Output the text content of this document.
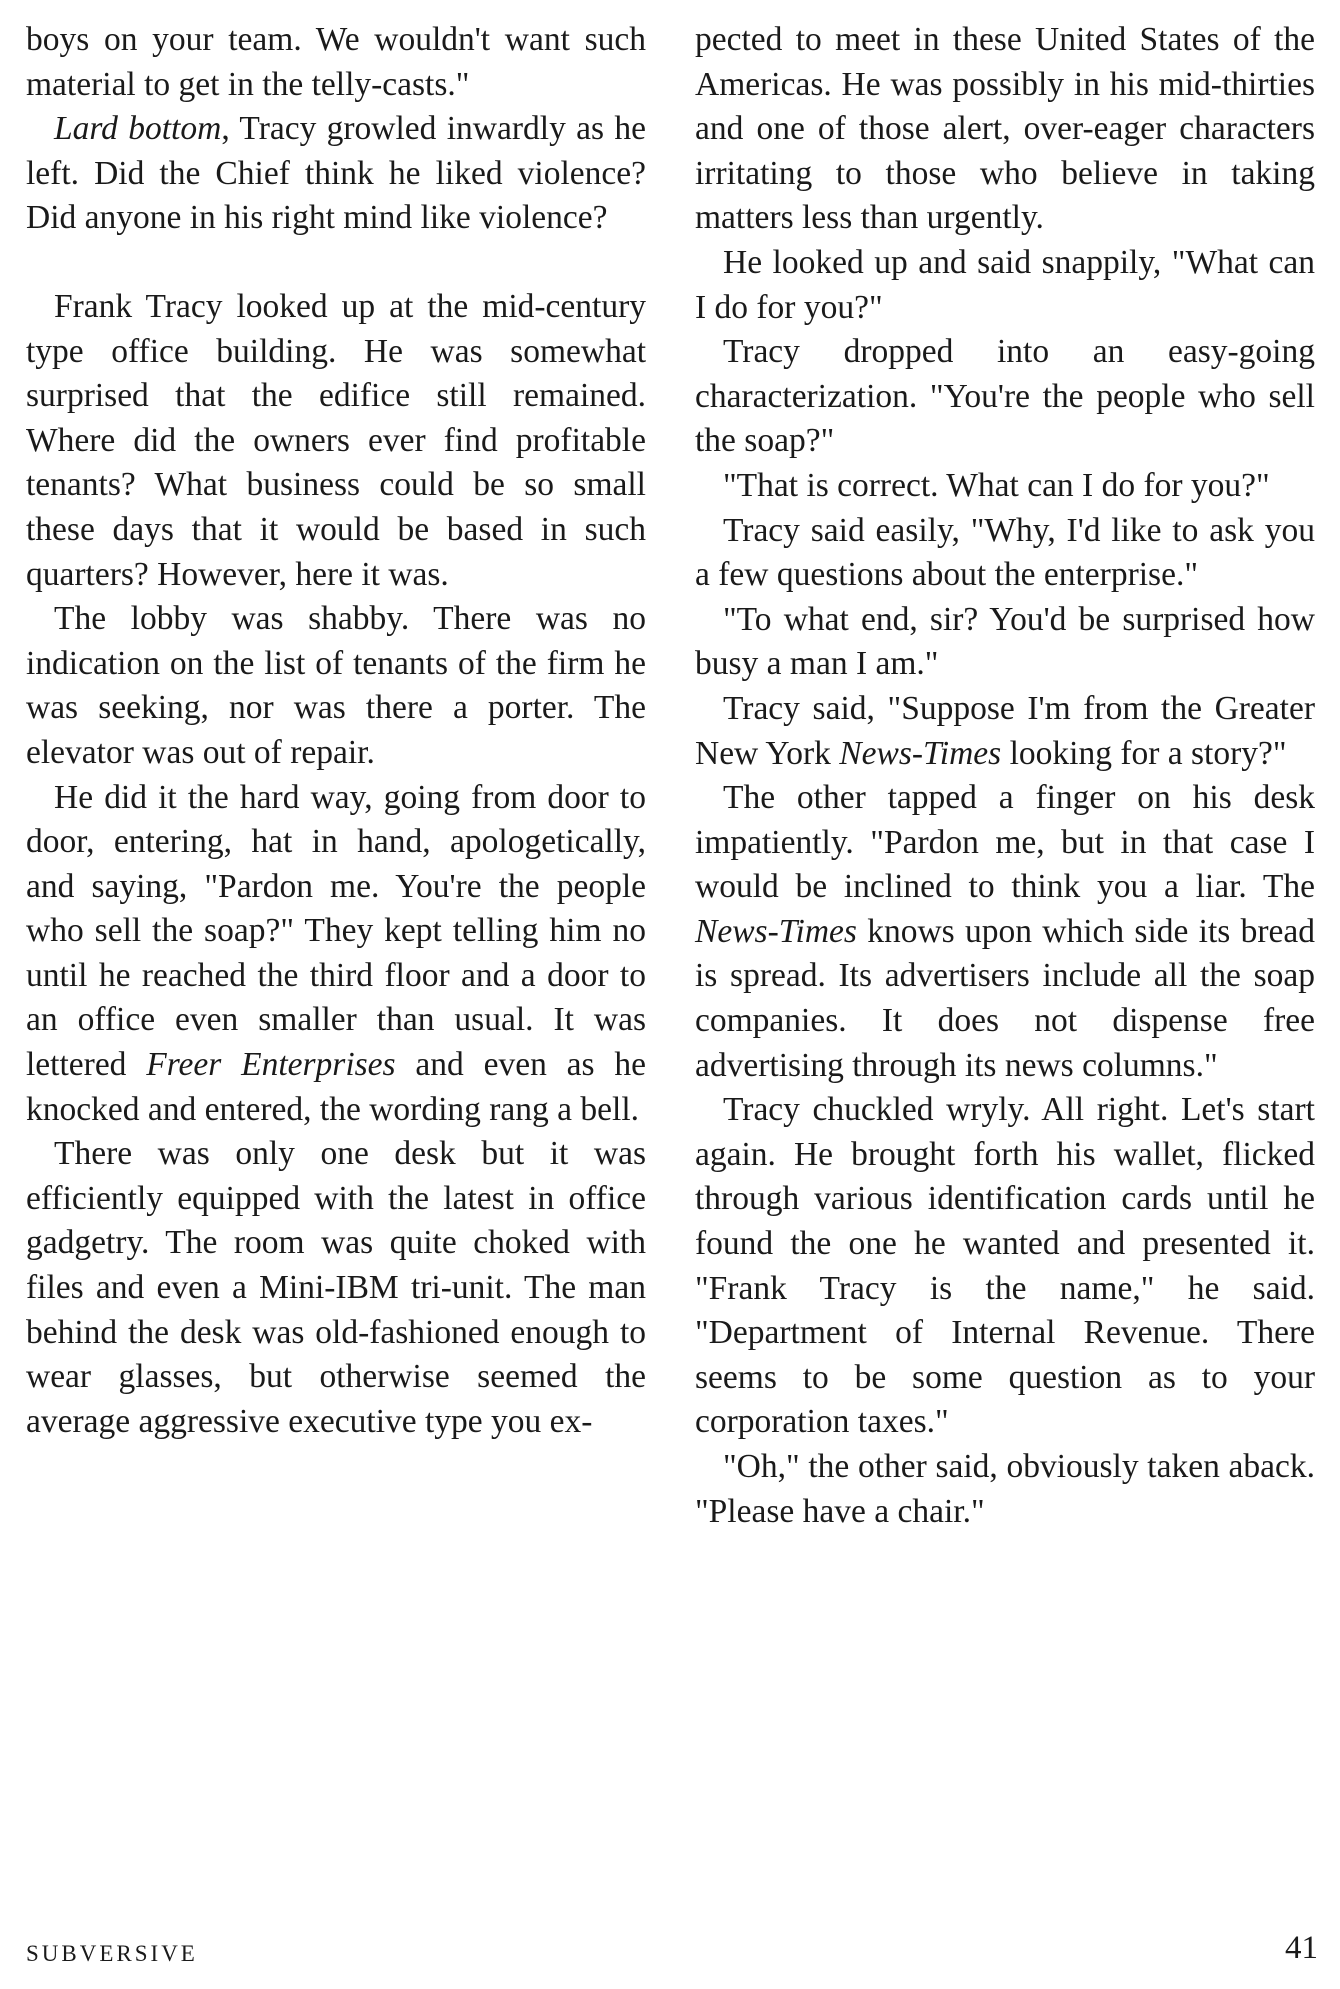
boys on your team. We wouldn't want such material to get in the telly-casts."

Lard bottom, Tracy growled inwardly as he left. Did the Chief think he liked violence? Did anyone in his right mind like violence?

Frank Tracy looked up at the mid-century type office building. He was somewhat surprised that the edifice still remained. Where did the owners ever find profitable tenants? What business could be so small these days that it would be based in such quarters? However, here it was.

The lobby was shabby. There was no indication on the list of tenants of the firm he was seeking, nor was there a porter. The elevator was out of repair.

He did it the hard way, going from door to door, entering, hat in hand, apologetically, and saying, "Pardon me. You're the people who sell the soap?" They kept telling him no until he reached the third floor and a door to an office even smaller than usual. It was lettered Freer Enterprises and even as he knocked and entered, the wording rang a bell.

There was only one desk but it was efficiently equipped with the latest in office gadgetry. The room was quite choked with files and even a Mini-IBM tri-unit. The man behind the desk was old-fashioned enough to wear glasses, but otherwise seemed the average aggressive executive type you ex-

pected to meet in these United States of the Americas. He was possibly in his mid-thirties and one of those alert, over-eager characters irritating to those who believe in taking matters less than urgently.

He looked up and said snappily, "What can I do for you?"

Tracy dropped into an easy-going characterization. "You're the people who sell the soap?"

"That is correct. What can I do for you?"

Tracy said easily, "Why, I'd like to ask you a few questions about the enterprise."

"To what end, sir? You'd be surprised how busy a man I am."

Tracy said, "Suppose I'm from the Greater New York News-Times looking for a story?"

The other tapped a finger on his desk impatiently. "Pardon me, but in that case I would be inclined to think you a liar. The News-Times knows upon which side its bread is spread. Its advertisers include all the soap companies. It does not dispense free advertising through its news columns."

Tracy chuckled wryly. All right. Let's start again. He brought forth his wallet, flicked through various identification cards until he found the one he wanted and presented it. "Frank Tracy is the name," he said. "Department of Internal Revenue. There seems to be some question as to your corporation taxes."

"Oh," the other said, obviously taken aback. "Please have a chair."

SUBVERSIVE	41
